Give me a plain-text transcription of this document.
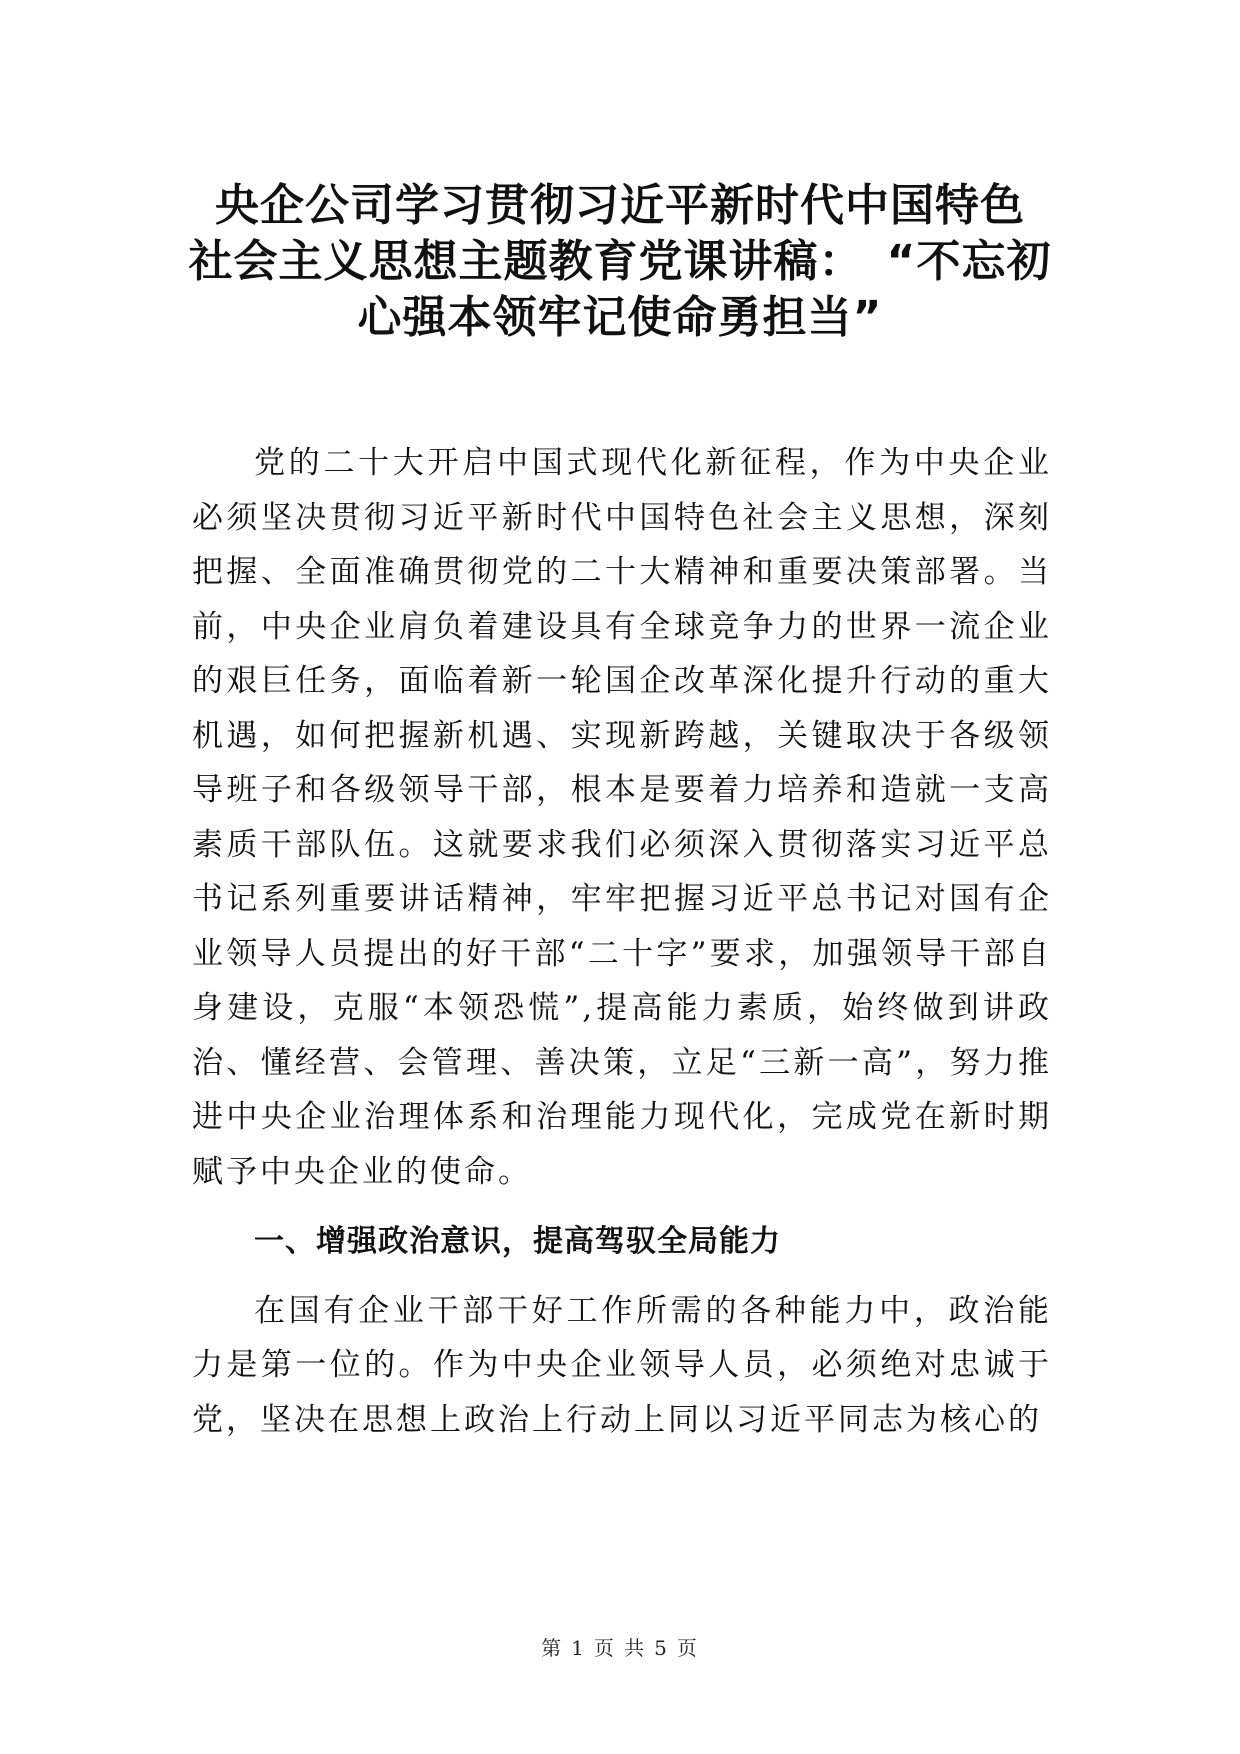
央企公司学习贯彻习近平新时代中国特色
社会主义思想主题教育党课讲稿：　“不忘初
心强本领牢记使命勇担当”

党的二十大开启中国式现代化新征程，作为中央企业必须坚决贯彻习近平新时代中国特色社会主义思想，深刻把握、全面准确贯彻党的二十大精神和重要决策部署。当前，中央企业肩负着建设具有全球竞争力的世界一流企业的艰巨任务，面临着新一轮国企改革深化提升行动的重大机遇，如何把握新机遇、实现新跨越，关键取决于各级领导班子和各级领导干部，根本是要着力培养和造就一支高素质干部队伍。这就要求我们必须深入贯彻落实习近平总书记系列重要讲话精神，牢牢把握习近平总书记对国有企业领导人员提出的好干部“二十字”要求，加强领导干部自身建设，克服“本领恐慌”,提高能力素质，始终做到讲政治、懂经营、会管理、善决策，立足“三新一高”，努力推进中央企业治理体系和治理能力现代化，完成党在新时期赋予中央企业的使命。

一、增强政治意识，提高驾驭全局能力

在国有企业干部干好工作所需的各种能力中，政治能力是第一位的。作为中央企业领导人员，必须绝对忠诚于党，坚决在思想上政治上行动上同以习近平同志为核心的

第 1 页 共 5 页
